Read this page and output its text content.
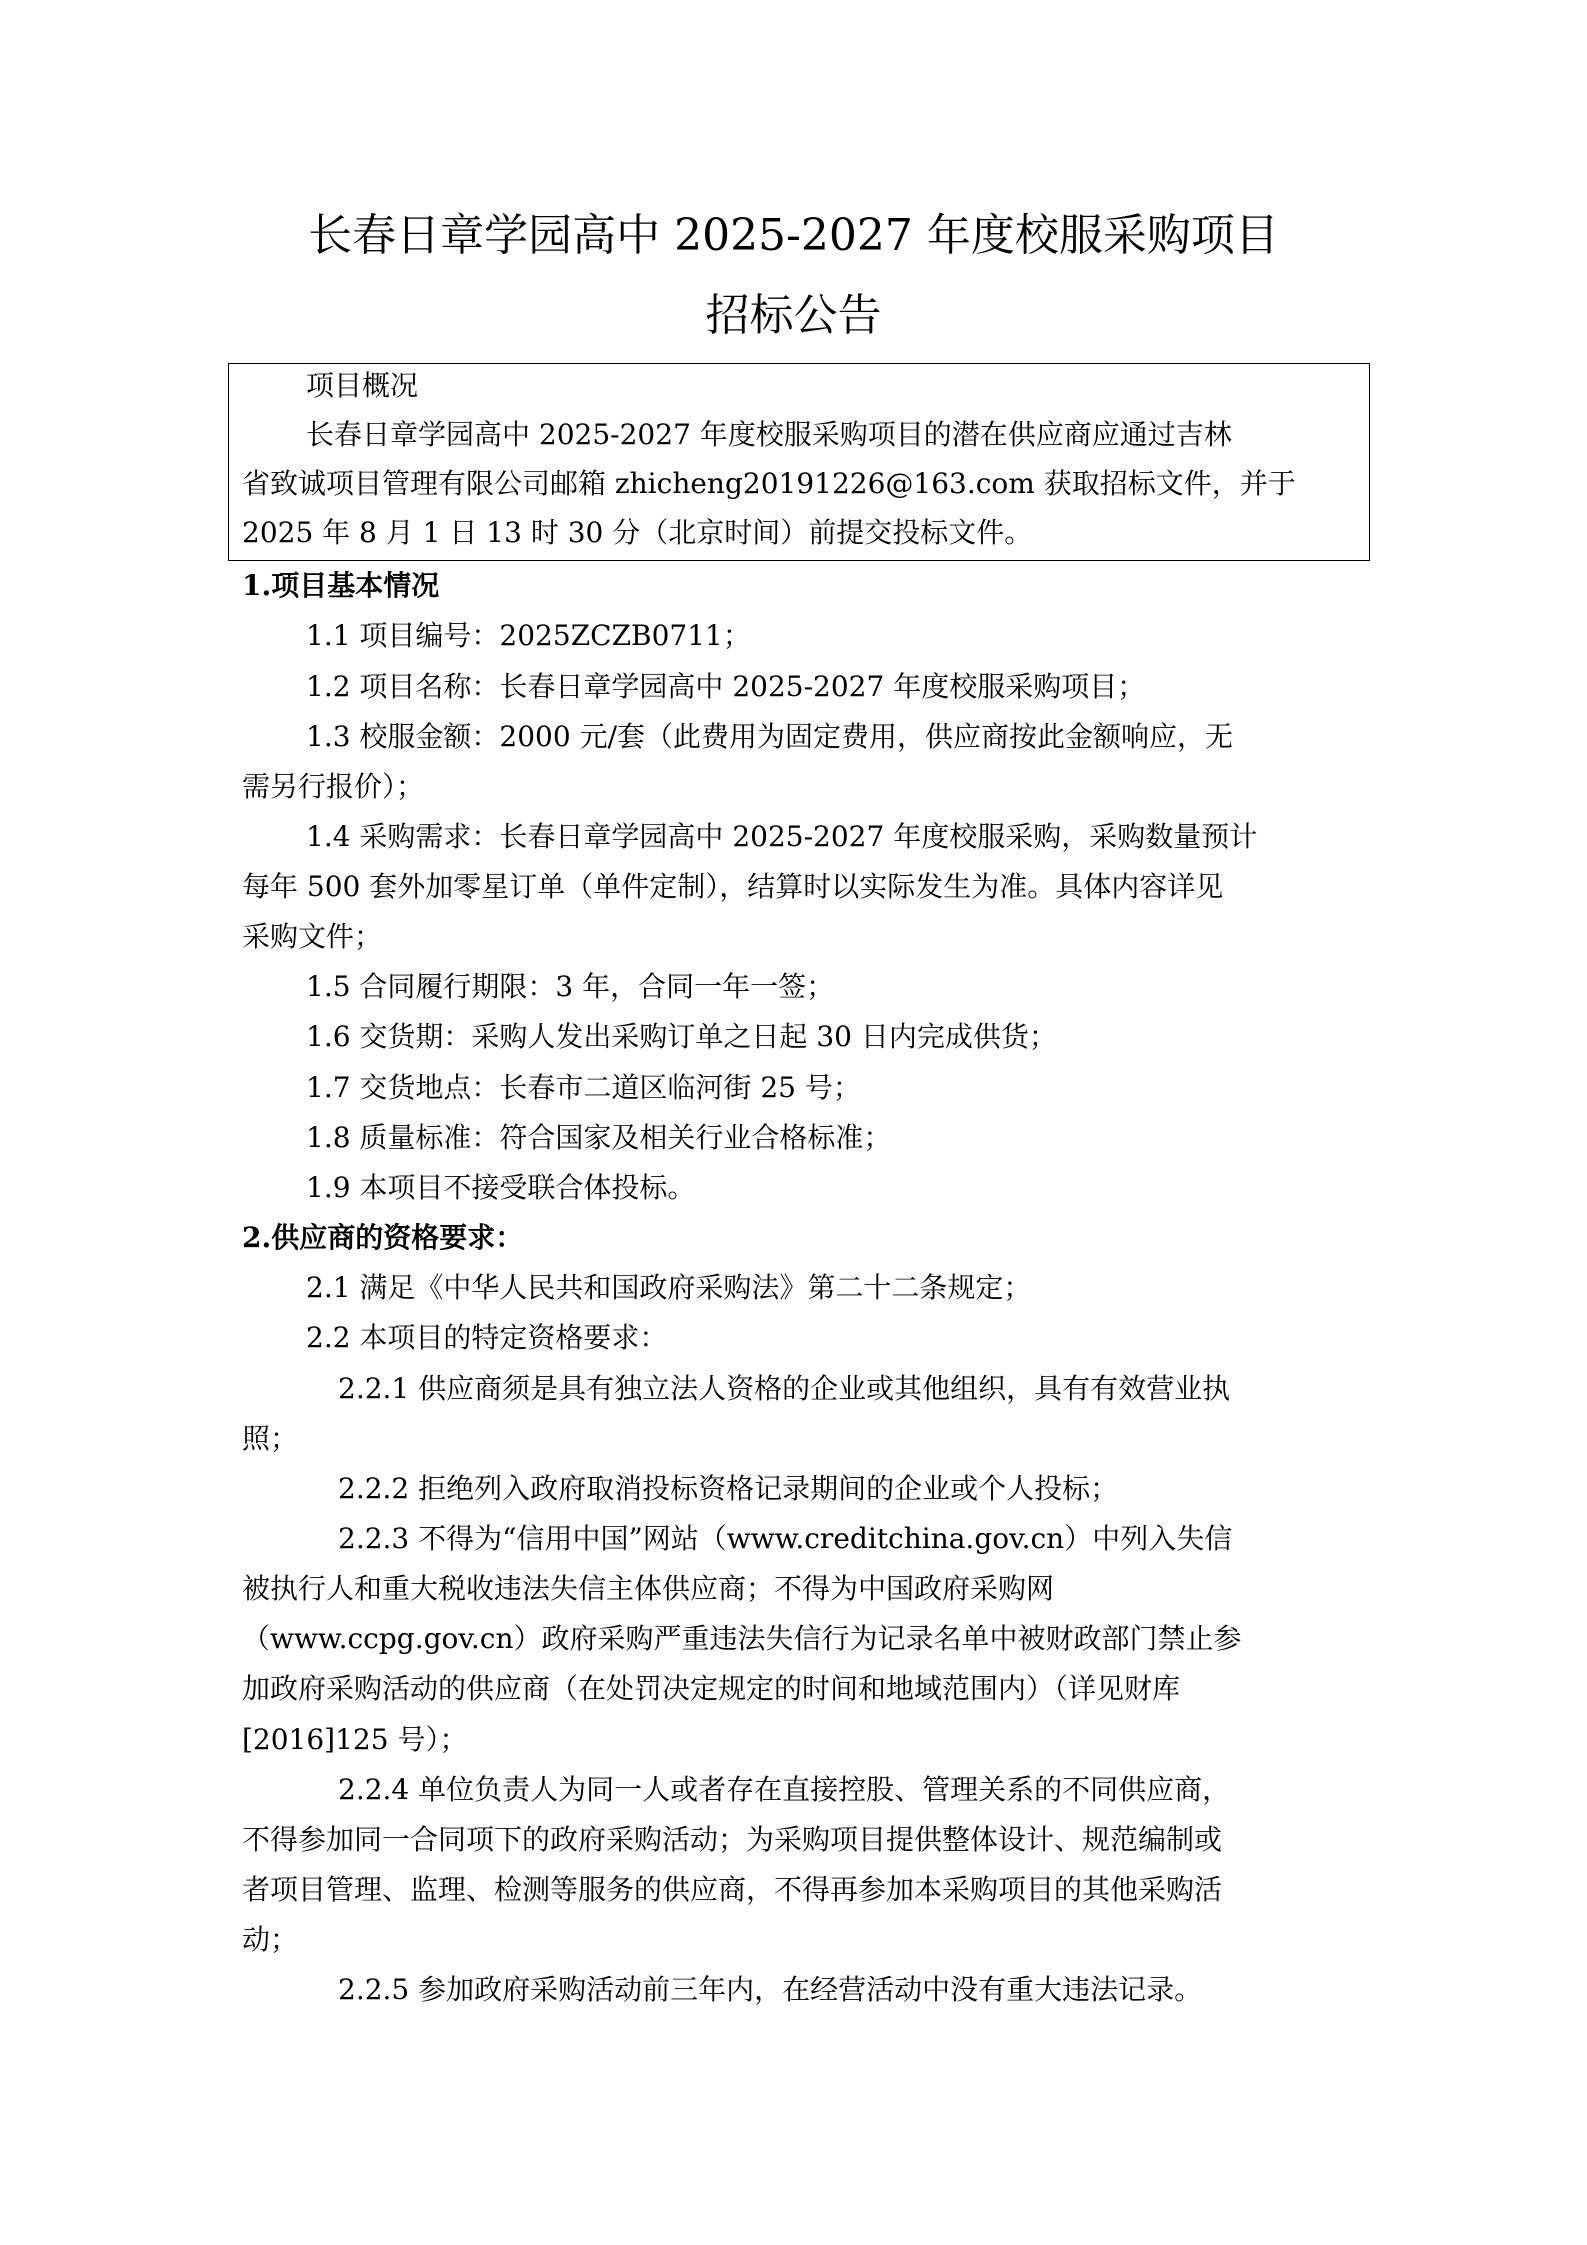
长春日章学园高中 2025-2027 年度校服采购项目
招标公告
项目概况
长春日章学园高中 2025-2027 年度校服采购项目的潜在供应商应通过吉林
省致诚项目管理有限公司邮箱 zhicheng20191226@163.com 获取招标文件，并于
2025 年 8 月 1 日 13 时 30 分（北京时间）前提交投标文件。
1.项目基本情况
1.1 项目编号：2025ZCZB0711；
1.2 项目名称：长春日章学园高中 2025-2027 年度校服采购项目；
1.3 校服金额：2000 元/套（此费用为固定费用，供应商按此金额响应，无
需另行报价）；
1.4 采购需求：长春日章学园高中 2025-2027 年度校服采购，采购数量预计
每年 500 套外加零星订单（单件定制），结算时以实际发生为准。具体内容详见
采购文件；
1.5 合同履行期限：3 年，合同一年一签；
1.6 交货期：采购人发出采购订单之日起 30 日内完成供货；
1.7 交货地点：长春市二道区临河街 25 号；
1.8 质量标准：符合国家及相关行业合格标准；
1.9 本项目不接受联合体投标。
2.供应商的资格要求：
2.1 满足《中华人民共和国政府采购法》第二十二条规定；
2.2 本项目的特定资格要求：
2.2.1 供应商须是具有独立法人资格的企业或其他组织，具有有效营业执
照；
2.2.2 拒绝列入政府取消投标资格记录期间的企业或个人投标；
2.2.3 不得为“信用中国”网站（www.creditchina.gov.cn）中列入失信
被执行人和重大税收违法失信主体供应商；不得为中国政府采购网
（www.ccpg.gov.cn）政府采购严重违法失信行为记录名单中被财政部门禁止参
加政府采购活动的供应商（在处罚决定规定的时间和地域范围内）（详见财库
[2016]125 号）；
2.2.4 单位负责人为同一人或者存在直接控股、管理关系的不同供应商，
不得参加同一合同项下的政府采购活动；为采购项目提供整体设计、规范编制或
者项目管理、监理、检测等服务的供应商，不得再参加本采购项目的其他采购活
动；
2.2.5 参加政府采购活动前三年内，在经营活动中没有重大违法记录。
